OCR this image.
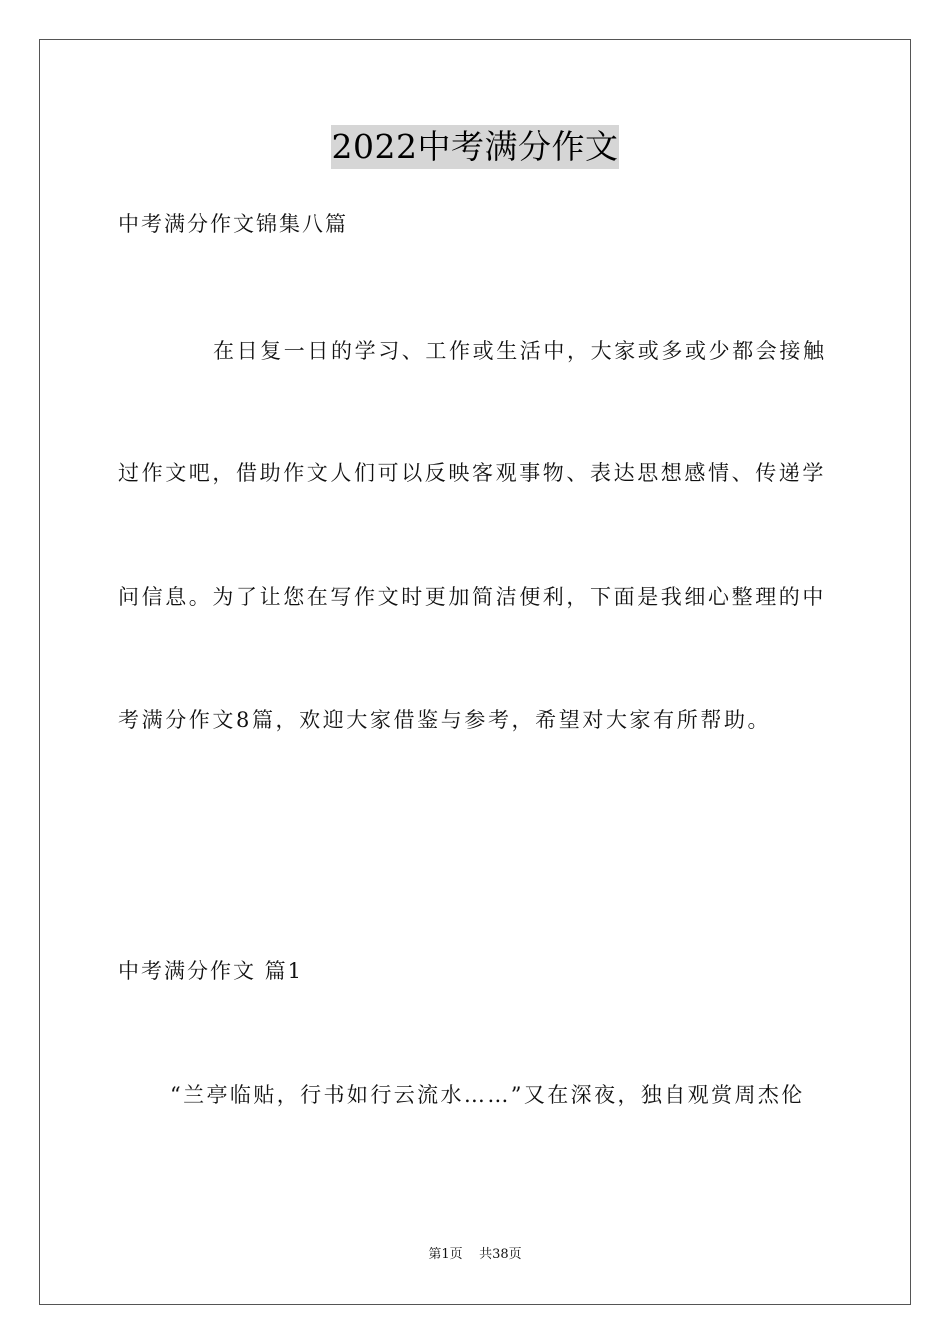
2022中考满分作文
中考满分作文锦集八篇
在日复一日的学习、工作或生活中，大家或多或少都会接触
过作文吧，借助作文人们可以反映客观事物、表达思想感情、传递学
问信息。为了让您在写作文时更加简洁便利，下面是我细心整理的中
考满分作文8篇，欢迎大家借鉴与参考，希望对大家有所帮助。
中考满分作文 篇1
“兰亭临贴，行书如行云流水……”又在深夜，独自观赏周杰伦
第1页 共38页
